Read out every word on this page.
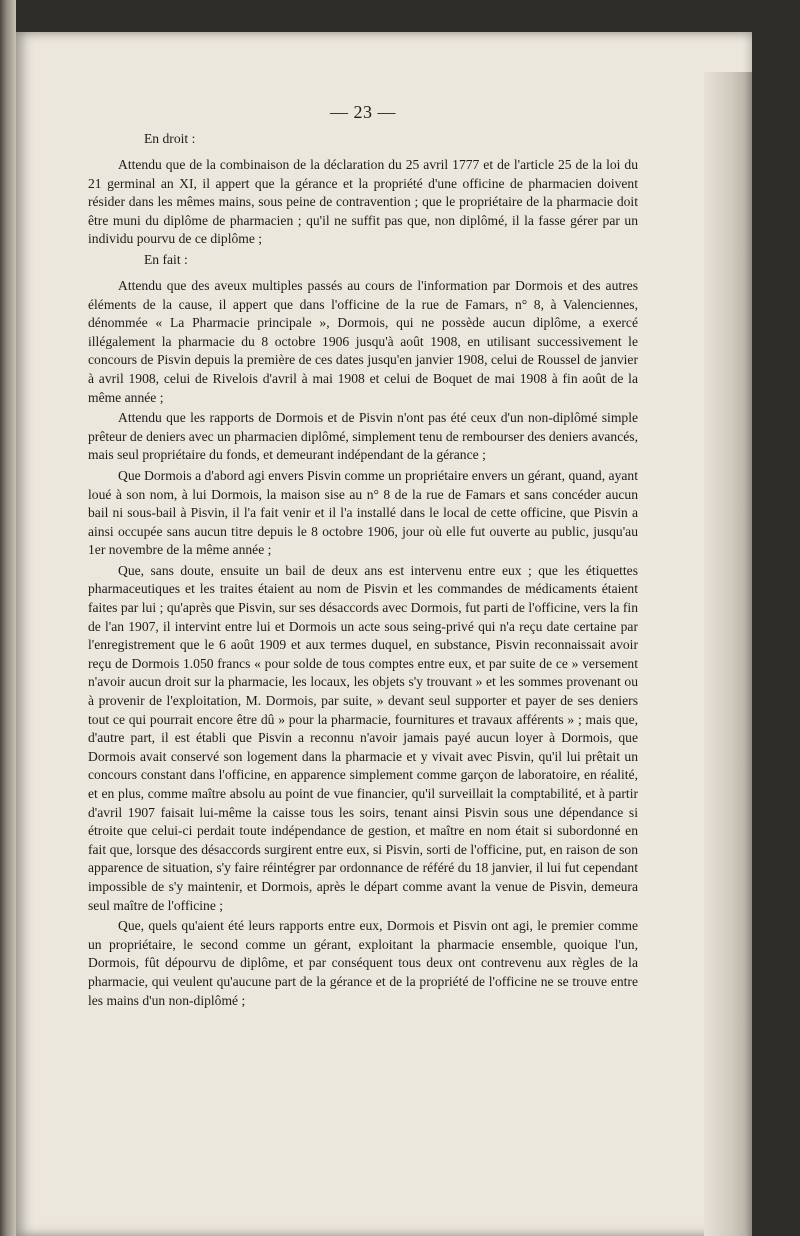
— 23 —
En droit :

Attendu que de la combinaison de la déclaration du 25 avril 1777 et de l'article 25 de la loi du 21 germinal an XI, il appert que la gérance et la propriété d'une officine de pharmacien doivent résider dans les mêmes mains, sous peine de contravention ; que le propriétaire de la pharmacie doit être muni du diplôme de pharmacien ; qu'il ne suffit pas que, non diplômé, il la fasse gérer par un individu pourvu de ce diplôme ;

En fait :

Attendu que des aveux multiples passés au cours de l'information par Dormois et des autres éléments de la cause, il appert que dans l'officine de la rue de Famars, n° 8, à Valenciennes, dénommée « La Pharmacie principale », Dormois, qui ne possède aucun diplôme, a exercé illégalement la pharmacie du 8 octobre 1906 jusqu'à août 1908, en utilisant successivement le concours de Pisvin depuis la première de ces dates jusqu'en janvier 1908, celui de Roussel de janvier à avril 1908, celui de Rivelois d'avril à mai 1908 et celui de Boquet de mai 1908 à fin août de la même année ;

Attendu que les rapports de Dormois et de Pisvin n'ont pas été ceux d'un non-diplômé simple prêteur de deniers avec un pharmacien diplômé, simplement tenu de rembourser des deniers avancés, mais seul propriétaire du fonds, et demeurant indépendant de la gérance ;

Que Dormois a d'abord agi envers Pisvin comme un propriétaire envers un gérant, quand, ayant loué à son nom, à lui Dormois, la maison sise au n° 8 de la rue de Famars et sans concéder aucun bail ni sous-bail à Pisvin, il l'a fait venir et il l'a installé dans le local de cette officine, que Pisvin a ainsi occupée sans aucun titre depuis le 8 octobre 1906, jour où elle fut ouverte au public, jusqu'au 1er novembre de la même année ;

Que, sans doute, ensuite un bail de deux ans est intervenu entre eux ; que les étiquettes pharmaceutiques et les traites étaient au nom de Pisvin et les commandes de médicaments étaient faites par lui ; qu'après que Pisvin, sur ses désaccords avec Dormois, fut parti de l'officine, vers la fin de l'an 1907, il intervint entre lui et Dormois un acte sous seing-privé qui n'a reçu date certaine par l'enregistrement que le 6 août 1909 et aux termes duquel, en substance, Pisvin reconnaissait avoir reçu de Dormois 1.050 francs « pour solde de tous comptes entre eux, et par suite de ce » versement n'avoir aucun droit sur la pharmacie, les locaux, les objets s'y trouvant » et les sommes provenant ou à provenir de l'exploitation, M. Dormois, par suite, » devant seul supporter et payer de ses deniers tout ce qui pourrait encore être dû » pour la pharmacie, fournitures et travaux afférents » ; mais que, d'autre part, il est établi que Pisvin a reconnu n'avoir jamais payé aucun loyer à Dormois, que Dormois avait conservé son logement dans la pharmacie et y vivait avec Pisvin, qu'il lui prêtait un concours constant dans l'officine, en apparence simplement comme garçon de laboratoire, en réalité, et en plus, comme maître absolu au point de vue financier, qu'il surveillait la comptabilité, et à partir d'avril 1907 faisait lui-même la caisse tous les soirs, tenant ainsi Pisvin sous une dépendance si étroite que celui-ci perdait toute indépendance de gestion, et maître en nom était si subordonné en fait que, lorsque des désaccords surgirent entre eux, si Pisvin, sorti de l'officine, put, en raison de son apparence de situation, s'y faire réintégrer par ordonnance de référé du 18 janvier, il lui fut cependant impossible de s'y maintenir, et Dormois, après le départ comme avant la venue de Pisvin, demeura seul maître de l'officine ;

Que, quels qu'aient été leurs rapports entre eux, Dormois et Pisvin ont agi, le premier comme un propriétaire, le second comme un gérant, exploitant la pharmacie ensemble, quoique l'un, Dormois, fût dépourvu de diplôme, et par conséquent tous deux ont contrevenu aux règles de la pharmacie, qui veulent qu'aucune part de la gérance et de la propriété de l'officine ne se trouve entre les mains d'un non-diplômé ;
